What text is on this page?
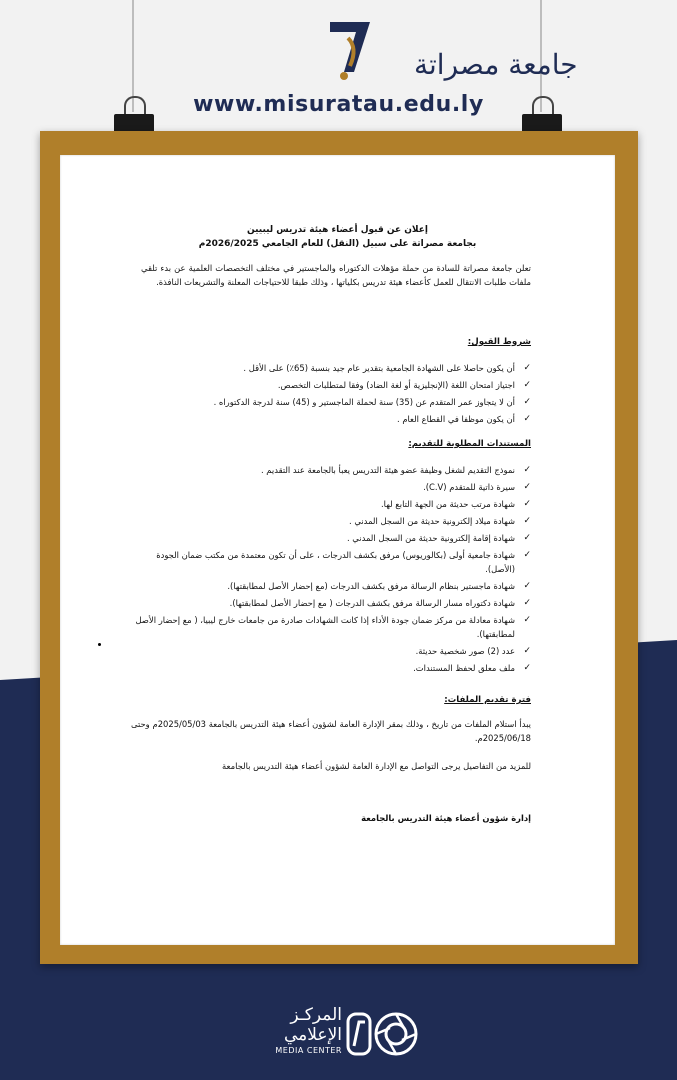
جامعة مصراتة
www.misuratau.edu.ly
إعلان عن قبول أعضاء هيئة تدريس ليبيين
بجامعة مصراتة على سبيل (النقل) للعام الجامعي 2026/2025م
تعلن جامعة مصراتة للسادة من حملة مؤهلات الدكتوراه والماجستير في مختلف التخصصات العلمية عن بدء تلقي ملفات طلبات الانتقال للعمل كأعضاء هيئة تدريس بكلياتها ، وذلك طبقا للاحتياجات المعلنة والتشريعات النافذة.
شروط القبول:
✓
أن يكون حاصلا على الشهادة الجامعية بتقدير عام جيد بنسبة (65٪) على الأقل .
✓
اجتياز امتحان اللغة (الإنجليزية أو لغة الضاد) وفقا لمتطلبات التخصص.
✓
أن لا يتجاوز عمر المتقدم عن (35) سنة لحملة الماجستير و (45) سنة لدرجة الدكتوراه .
✓
أن يكون موظفا في القطاع العام .
المستندات المطلوبة للتقديم:
✓
نموذج التقديم لشغل وظيفة عضو هيئة التدريس يعبأ بالجامعة عند التقديم .
✓
سيرة ذاتية للمتقدم (C.V).
✓
شهادة مرتب حديثة من الجهة التابع لها.
✓
شهادة ميلاد إلكترونية حديثة من السجل المدني .
✓
شهادة إقامة إلكترونية حديثة من السجل المدني .
✓
شهادة جامعية أولى (بكالوريوس) مرفق بكشف الدرجات ، على أن تكون معتمدة من مكتب ضمان الجودة (الأصل).
✓
شهادة ماجستير بنظام الرسالة مرفق بكشف الدرجات (مع إحضار الأصل لمطابقتها).
✓
شهادة دكتوراه مسار الرسالة مرفق بكشف الدرجات ( مع إحضار الأصل لمطابقتها).
✓
شهادة معادلة من مركز ضمان جودة الأداء إذا كانت الشهادات صادرة من جامعات خارج ليبيا، ( مع إحضار الأصل لمطابقتها).
✓
عدد (2) صور شخصية حديثة.
✓
ملف معلق لحفظ المستندات.
فترة تقديم الملفات:
يبدأ استلام الملفات من تاريخ ، وذلك بمقر الإدارة العامة لشؤون أعضاء هيئة التدريس بالجامعة 2025/05/03م وحتى 2025/06/18م.
للمزيد من التفاصيل يرجى التواصل مع الإدارة العامة لشؤون أعضاء هيئة التدريس بالجامعة
إدارة شؤون أعضاء هيئة التدريس بالجامعة
المركـز
الإعلامي
MEDIA CENTER
